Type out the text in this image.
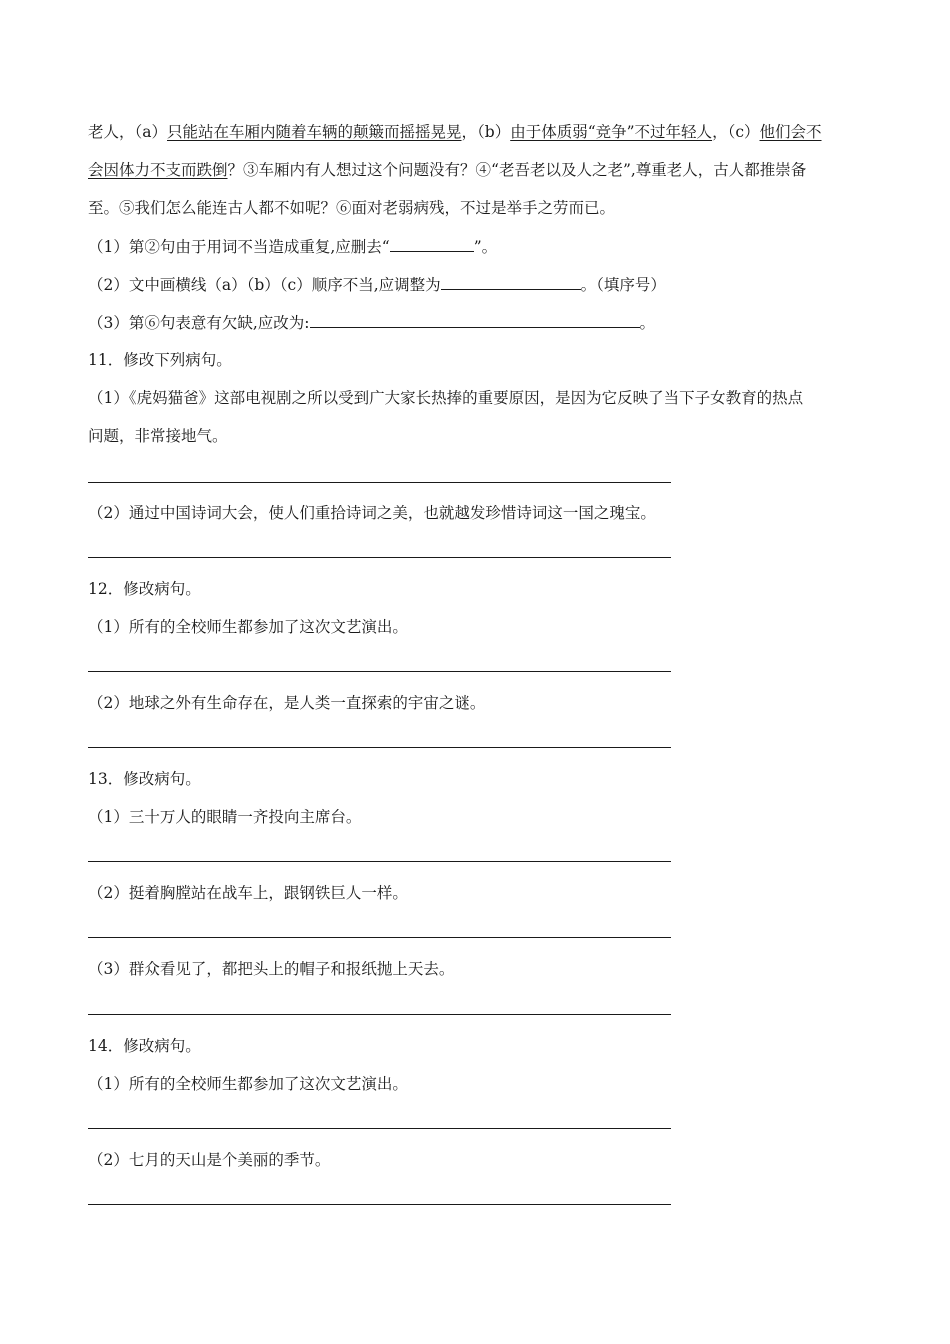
老人，（a）只能站在车厢内随着车辆的颠簸而摇摇晃晃，（b）由于体质弱“竞争”不过年轻人，（c）他们会不
会因体力不支而跌倒？③车厢内有人想过这个问题没有？④“老吾老以及人之老”,尊重老人，古人都推崇备
至。⑤我们怎么能连古人都不如呢？⑥面对老弱病残，不过是举手之劳而已。
（1）第②句由于用词不当造成重复,应删去“	”。
（2）文中画横线（a）（b）（c）顺序不当,应调整为	。（填序号）
（3）第⑥句表意有欠缺,应改为:	。
11．修改下列病句。
（1）《虎妈猫爸》这部电视剧之所以受到广大家长热捧的重要原因，是因为它反映了当下子女教育的热点
问题，非常接地气。
（2）通过中国诗词大会，使人们重拾诗词之美，也就越发珍惜诗词这一国之瑰宝。
12．修改病句。
（1）所有的全校师生都参加了这次文艺演出。
（2）地球之外有生命存在，是人类一直探索的宇宙之谜。
13．修改病句。
（1）三十万人的眼睛一齐投向主席台。
（2）挺着胸膛站在战车上，跟钢铁巨人一样。
（3）群众看见了，都把头上的帽子和报纸抛上天去。
14．修改病句。
（1）所有的全校师生都参加了这次文艺演出。
（2）七月的天山是个美丽的季节。
